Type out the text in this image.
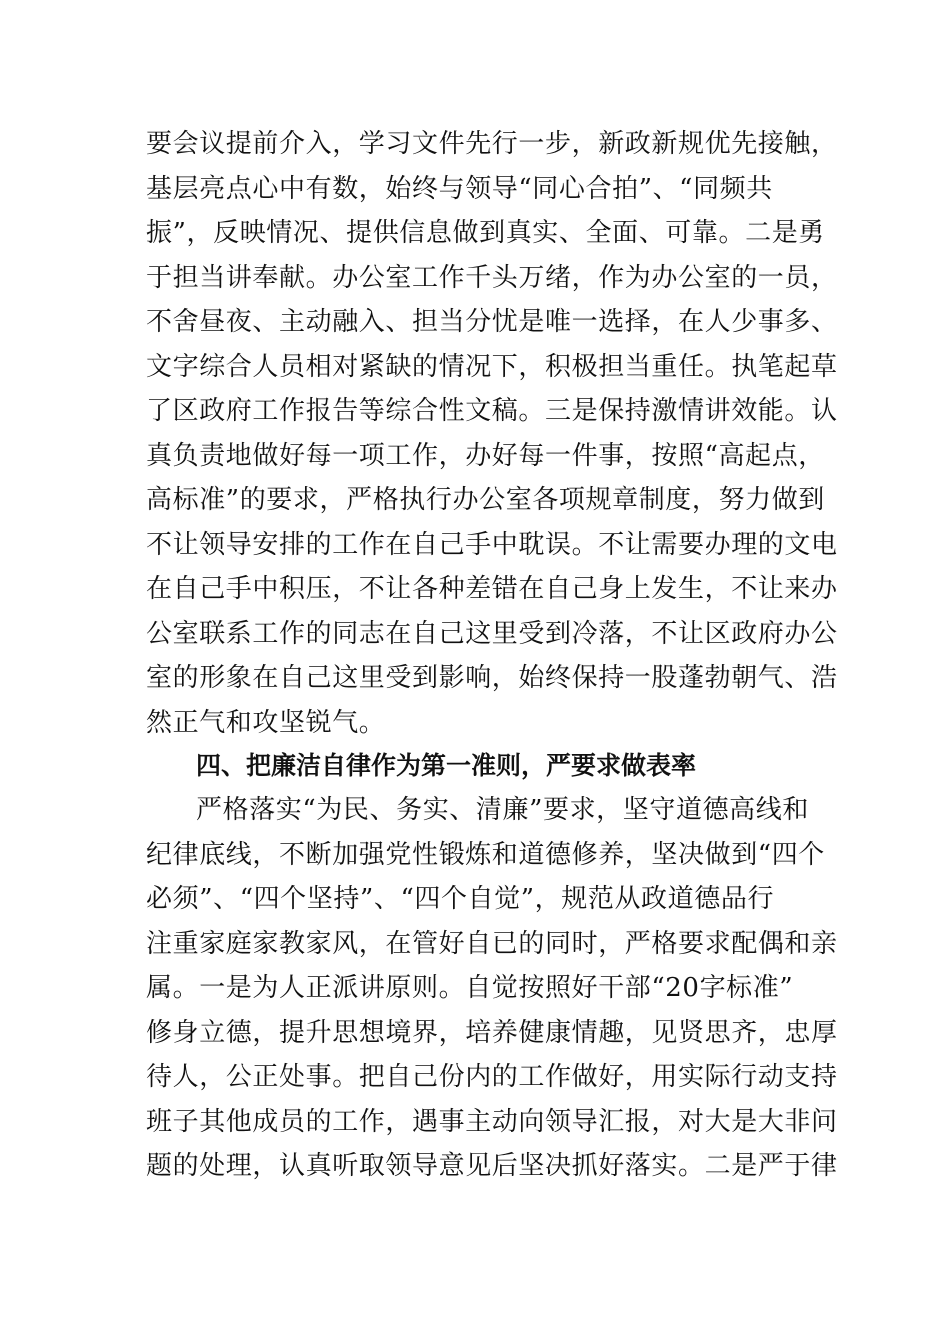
要会议提前介入，学习文件先行一步，新政新规优先接触，
基层亮点心中有数，始终与领导“同心合拍”、“同频共
振”，反映情况、提供信息做到真实、全面、可靠。二是勇
于担当讲奉献。办公室工作千头万绪，作为办公室的一员，
不舍昼夜、主动融入、担当分忧是唯一选择，在人少事多、
文字综合人员相对紧缺的情况下，积极担当重任。执笔起草
了区政府工作报告等综合性文稿。三是保持激情讲效能。认
真负责地做好每一项工作，办好每一件事，按照“高起点，
高标准”的要求，严格执行办公室各项规章制度，努力做到
不让领导安排的工作在自己手中耽误。不让需要办理的文电
在自己手中积压，不让各种差错在自己身上发生，不让来办
公室联系工作的同志在自己这里受到冷落，不让区政府办公
室的形象在自己这里受到影响，始终保持一股蓬勃朝气、浩
然正气和攻坚锐气。
四、把廉洁自律作为第一准则，严要求做表率
严格落实“为民、务实、清廉”要求，坚守道德高线和
纪律底线，不断加强党性锻炼和道德修养，坚决做到“四个
必须”、“四个坚持”、“四个自觉”，规范从政道德品行
注重家庭家教家风，在管好自已的同时，严格要求配偶和亲
属。一是为人正派讲原则。自觉按照好干部“20字标准”
修身立德，提升思想境界，培养健康情趣，见贤思齐，忠厚
待人，公正处事。把自己份内的工作做好，用实际行动支持
班子其他成员的工作，遇事主动向领导汇报，对大是大非问
题的处理，认真听取领导意见后坚决抓好落实。二是严于律
